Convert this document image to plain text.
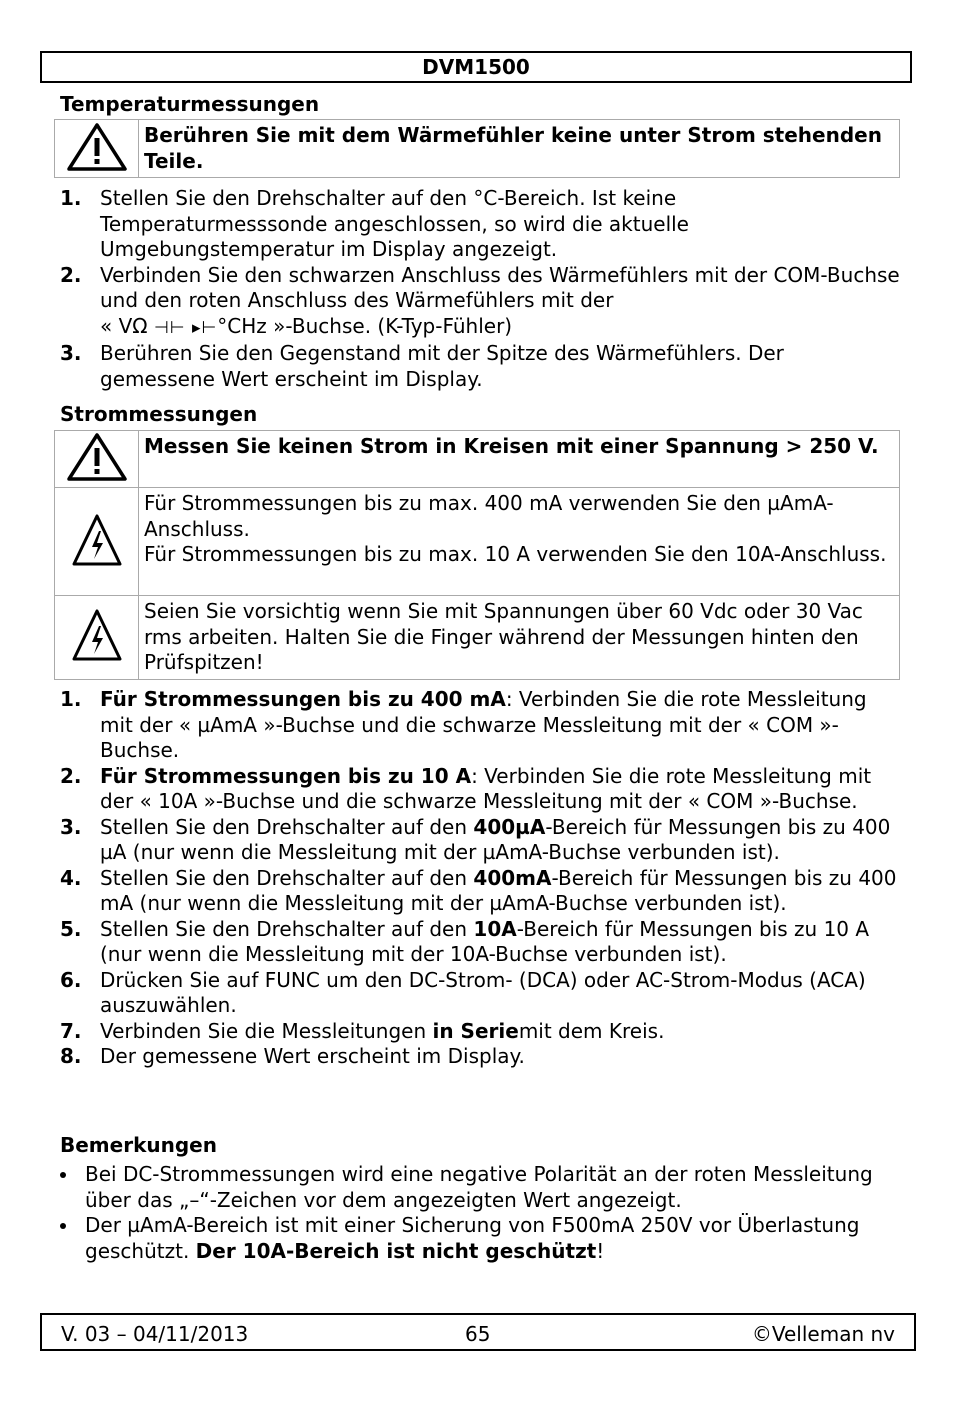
DVM1500
Temperaturmessungen
	Berühren Sie mit dem Wärmefühler keine unter Strom stehenden Teile.
1. Stellen Sie den Drehschalter auf den °C-Bereich. Ist keine Temperaturmesssonde angeschlossen, so wird die aktuelle Umgebungstemperatur im Display angezeigt.
2. Verbinden Sie den schwarzen Anschluss des Wärmefühlers mit der COM-Buchse und den roten Anschluss des Wärmefühlers mit der
« VΩ ⊣⊢ ▸⊢°CHz »-Buchse. (K-Typ-Fühler)
3. Berühren Sie den Gegenstand mit der Spitze des Wärmefühlers. Der gemessene Wert erscheint im Display.
Strommessungen
	Messen Sie keinen Strom in Kreisen mit einer Spannung > 250 V.

Für Strommessungen bis zu max. 400 mA verwenden Sie den µAmA-Anschluss.
Für Strommessungen bis zu max. 10 A verwenden Sie den 10A-Anschluss.

	Seien Sie vorsichtig wenn Sie mit Spannungen über 60 Vdc oder 30 Vac rms arbeiten. Halten Sie die Finger während der Messungen hinten den Prüfspitzen!
1. Für Strommessungen bis zu 400 mA: Verbinden Sie die rote Messleitung mit der « µAmA »-Buchse und die schwarze Messleitung mit der « COM »-Buchse.
2. Für Strommessungen bis zu 10 A: Verbinden Sie die rote Messleitung mit der « 10A »-Buchse und die schwarze Messleitung mit der « COM »-Buchse.
3. Stellen Sie den Drehschalter auf den 400µA-Bereich für Messungen bis zu 400 µA (nur wenn die Messleitung mit der µAmA-Buchse verbunden ist).
4. Stellen Sie den Drehschalter auf den 400mA-Bereich für Messungen bis zu 400 mA (nur wenn die Messleitung mit der µAmA-Buchse verbunden ist).
5. Stellen Sie den Drehschalter auf den 10A-Bereich für Messungen bis zu 10 A (nur wenn die Messleitung mit der 10A-Buchse verbunden ist).
6. Drücken Sie auf FUNC um den DC-Strom- (DCA) oder AC-Strom-Modus (ACA) auszuwählen.
7. Verbinden Sie die Messleitungen in Seriemit dem Kreis.
8. Der gemessene Wert erscheint im Display.
Bemerkungen
Bei DC-Strommessungen wird eine negative Polarität an der roten Messleitung über das „–“-Zeichen vor dem angezeigten Wert angezeigt.
Der µAmA-Bereich ist mit einer Sicherung von F500mA 250V vor Überlastung geschützt. Der 10A-Bereich ist nicht geschützt!
V. 03 – 04/11/2013	65	©Velleman nv
